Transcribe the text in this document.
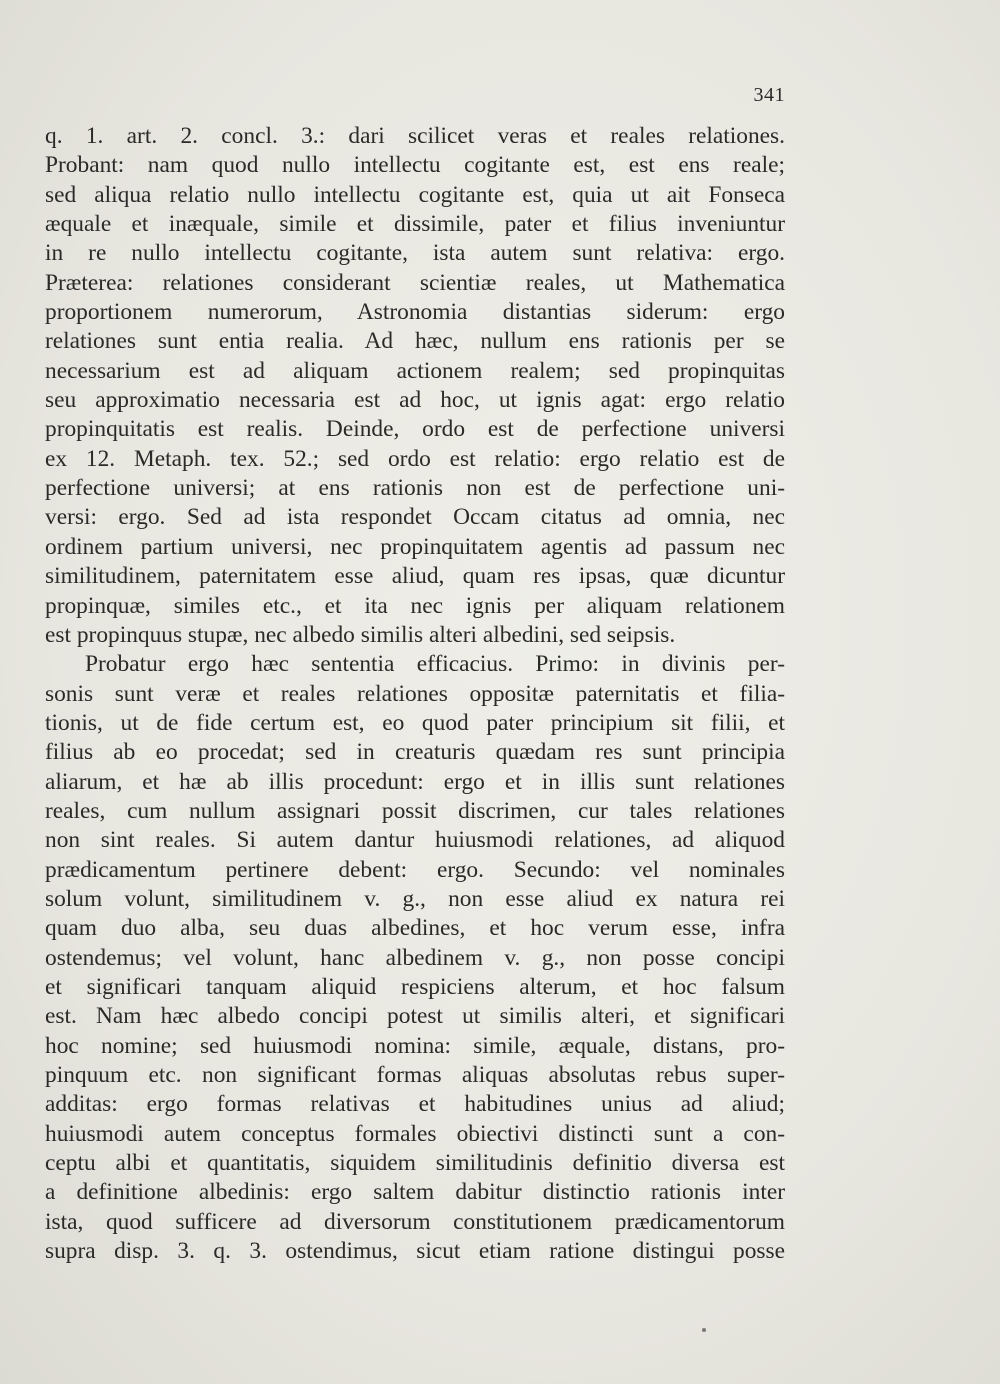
341
q. 1. art. 2. concl. 3.: dari scilicet veras et reales relationes.
Probant: nam quod nullo intellectu cogitante est, est ens reale;
sed aliqua relatio nullo intellectu cogitante est, quia ut ait Fonseca
æquale et inæquale, simile et dissimile, pater et filius inveniuntur
in re nullo intellectu cogitante, ista autem sunt relativa: ergo.
Præterea: relationes considerant scientiæ reales, ut Mathematica
proportionem numerorum, Astronomia distantias siderum: ergo
relationes sunt entia realia. Ad hæc, nullum ens rationis per se
necessarium est ad aliquam actionem realem; sed propinquitas
seu approximatio necessaria est ad hoc, ut ignis agat: ergo relatio
propinquitatis est realis. Deinde, ordo est de perfectione universi
ex 12. Metaph. tex. 52.; sed ordo est relatio: ergo relatio est de
perfectione universi; at ens rationis non est de perfectione uni-
versi: ergo. Sed ad ista respondet Occam citatus ad omnia, nec
ordinem partium universi, nec propinquitatem agentis ad passum nec
similitudinem, paternitatem esse aliud, quam res ipsas, quæ dicuntur
propinquæ, similes etc., et ita nec ignis per aliquam relationem
est propinquus stupæ, nec albedo similis alteri albedini, sed seipsis.
Probatur ergo hæc sententia efficacius. Primo: in divinis per-
sonis sunt veræ et reales relationes oppositæ paternitatis et filia-
tionis, ut de fide certum est, eo quod pater principium sit filii, et
filius ab eo procedat; sed in creaturis quædam res sunt principia
aliarum, et hæ ab illis procedunt: ergo et in illis sunt relationes
reales, cum nullum assignari possit discrimen, cur tales relationes
non sint reales. Si autem dantur huiusmodi relationes, ad aliquod
prædicamentum pertinere debent: ergo. Secundo: vel nominales
solum volunt, similitudinem v. g., non esse aliud ex natura rei
quam duo alba, seu duas albedines, et hoc verum esse, infra
ostendemus; vel volunt, hanc albedinem v. g., non posse concipi
et significari tanquam aliquid respiciens alterum, et hoc falsum
est. Nam hæc albedo concipi potest ut similis alteri, et significari
hoc nomine; sed huiusmodi nomina: simile, æquale, distans, pro-
pinquum etc. non significant formas aliquas absolutas rebus super-
additas: ergo formas relativas et habitudines unius ad aliud;
huiusmodi autem conceptus formales obiectivi distincti sunt a con-
ceptu albi et quantitatis, siquidem similitudinis definitio diversa est
a definitione albedinis: ergo saltem dabitur distinctio rationis inter
ista, quod sufficere ad diversorum constitutionem prædicamentorum
supra disp. 3. q. 3. ostendimus, sicut etiam ratione distingui posse
